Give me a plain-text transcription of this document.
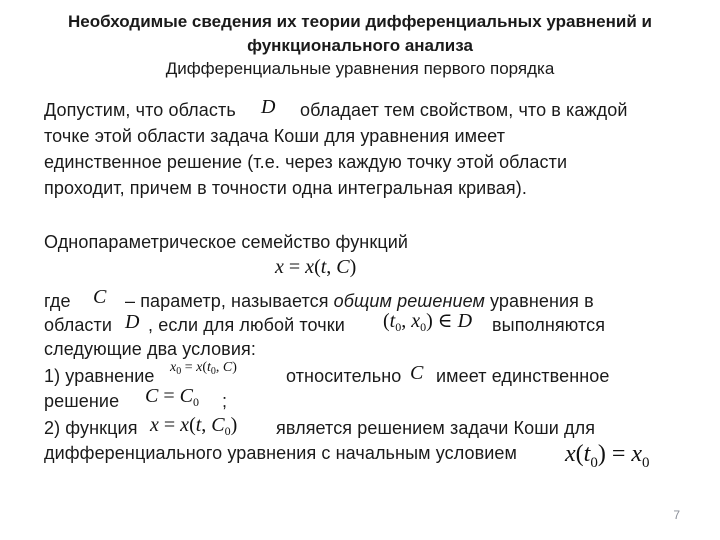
Необходимые сведения их теории дифференциальных уравнений и
функционального анализа
Дифференциальные уравнения первого порядка
Допустим, что область D обладает тем свойством, что в каждой
точке этой области задача Коши для уравнения имеет
единственное решение (т.е. через каждую точку этой области
проходит, причем в точности одна интегральная кривая).
Однопараметрическое семейство функций
x = x(t, C)
где C – параметр, называется общим решением уравнения в
области D , если для любой точки ($t_0$, $x_0$) ∈ D выполняются
следующие два условия:
1) уравнение $x_0 = x(t_0$, C)	относительно C имеет единственное
решение $C = C_0$ ;
2) функция x = x(t, $C_0$) является решением задачи Коши для
дифференциального уравнения с начальным условием $x(t_0) = x_0$
7
